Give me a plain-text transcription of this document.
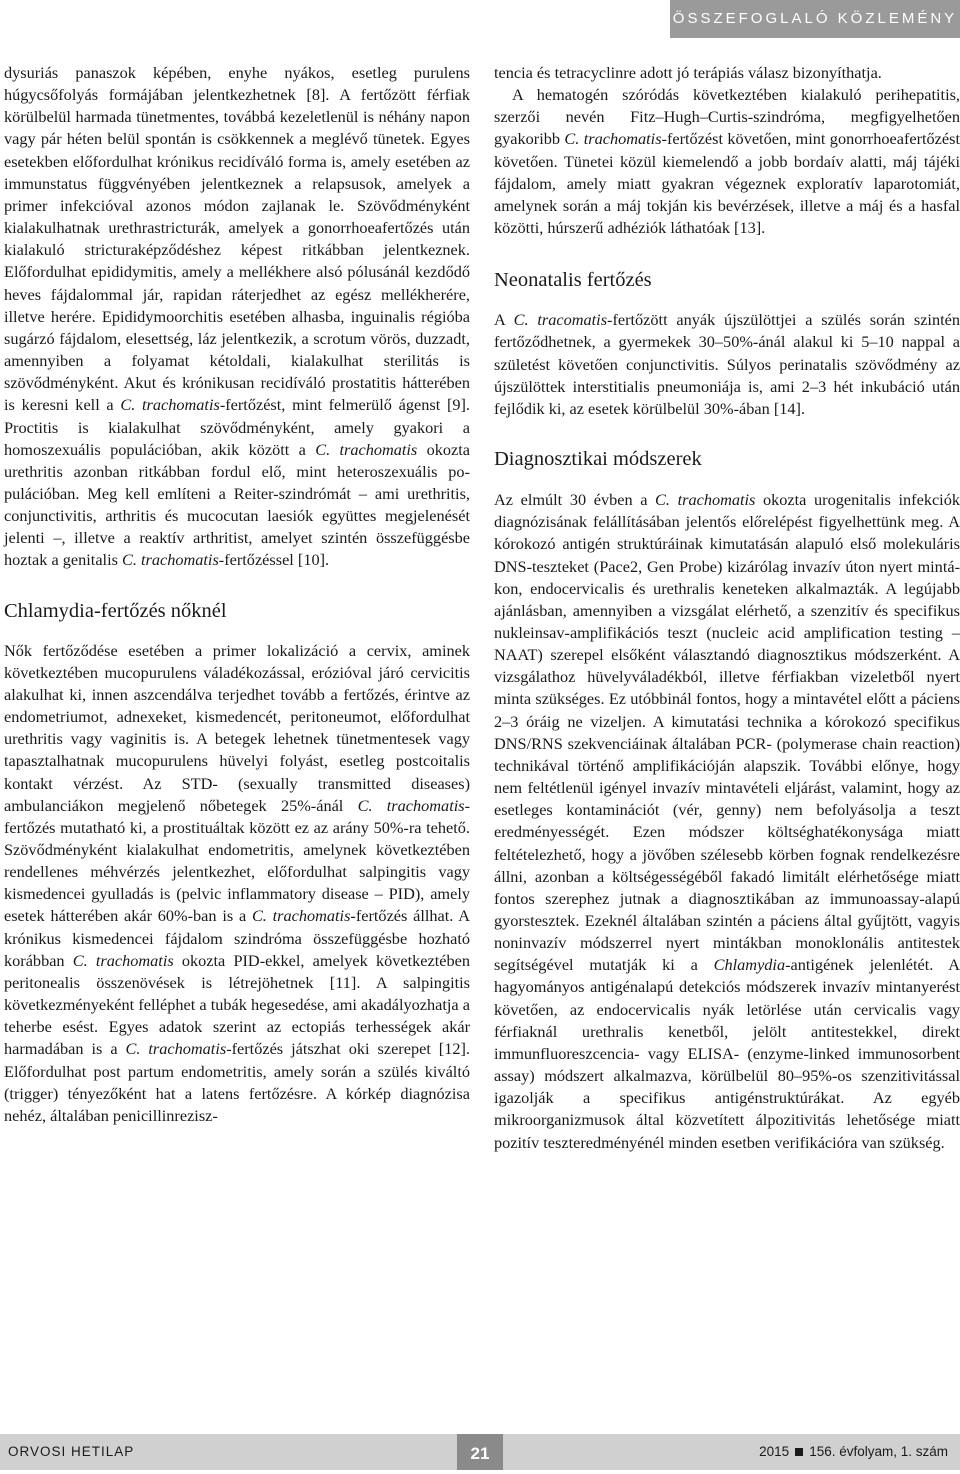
ÖSSZEFOGLALÓ KÖZLEMÉNY

dysuriás panaszok képében, enyhe nyákos, esetleg purulens húgycsőfolyás formájában jelentkezhetnek [8]. A fertőzött férfiak körülbelül harmada tünetmentes, továbbá kezeletlenül is néhány napon vagy pár héten belül spontán is csökkennek a meglévő tünetek. Egyes esetekben előfordulhat krónikus recidíváló forma is, amely esetében az immunstatus függvényében jelentkeznek a relapsusok, amelyek a primer infekcióval azonos módon zajlanak le. Szövődményként kialakulhatnak urethrastricturák, amelyek a gonorrhoeafertőzés után kialakuló stricturaképződéshez képest ritkábban jelentkeznek. Előfordulhat epididymitis, amely a mellékhere alsó pólusánál kezdődő heves fájdalommal jár, rapidan ráterjedhet az egész mellékherére, illetve herére. Epididymoorchitis esetében alhasba, inguinalis régióba sugárzó fájdalom, elesettség, láz jelentkezik, a scrotum vörös, duzzadt, amennyiben a folyamat kétoldali, kialakulhat sterilitás is szövődményként. Akut és krónikusan recidíváló prostatitis hátterében is keresni kell a C. trachomatis-fertőzést, mint felmerülő ágenst [9]. Proctitis is kialakulhat szövődményként, amely gyakori a homoszexuális populációban, akik között a C. trachomatis okozta urethritis azonban ritkábban fordul elő, mint heteroszexuális populációban. Meg kell említeni a Reiter-szindrómát – ami urethritis, conjunctivitis, arthritis és mucocutan laesiók együttes megjelenését jelenti –, illetve a reaktív arthritist, amelyet szintén összefüggésbe hoztak a genitalis C. trachomatis-fertőzéssel [10].

Chlamydia-fertőzés nőknél

Nők fertőződése esetében a primer lokalizáció a cervix, aminek következtében mucopurulens váladékozással, erózióval járó cervicitis alakulhat ki, innen aszcendálva terjedhet tovább a fertőzés, érintve az endometriumot, adnexeket, kismedencét, peritoneumot, előfordulhat urethritis vagy vaginitis is. A betegek lehetnek tünetmentesek vagy tapasztalhatnak mucopurulens hüvelyi folyást, esetleg postcoitalis kontakt vérzést. Az STD- (sexually transmitted diseases) ambulanciákon megjelenő nőbetegek 25%-ánál C. trachomatis-fertőzés mutatható ki, a prostituáltak között ez az arány 50%-ra tehető. Szövődményként kialakulhat endometritis, amelynek következtében rendellenes méhvérzés jelentkezhet, előfordulhat salpingitis vagy kismedencei gyulladás is (pelvic inflammatory disease – PID), amely esetek hátterében akár 60%-ban is a C. trachomatis-fertőzés állhat. A krónikus kismedencei fájdalom szindróma összefüggésbe hozható korábban C. trachomatis okozta PID-ekkel, amelyek következtében peritonealis összenövések is létrejöhetnek [11]. A salpingitis következményeként felléphet a tubák hegesedése, ami akadályozhatja a teherbe esést. Egyes adatok szerint az ectopiás terhességek akár harmadában is a C. trachomatis-fertőzés játszhat oki szerepet [12]. Előfordulhat post partum endometritis, amely során a szülés kiváltó (trigger) tényezőként hat a latens fertőzésre. A kórkép diagnózisa nehéz, általában penicillinrezisz-

tencia és tetracyclinre adott jó terápiás válasz bizonyíthatja.

A hematogén szóródás következtében kialakuló perihepatitis, szerzői nevén Fitz–Hugh–Curtis-szindróma, megfigyelhetően gyakoribb C. trachomatis-fertőzést követően, mint gonorrhoeafertőzést követően. Tünetei közül kiemelendő a jobb bordaív alatti, máj tájéki fájdalom, amely miatt gyakran végeznek exploratív laparotomiát, amelynek során a máj tokján kis bevérzések, illetve a máj és a hasfal közötti, húrszerű adhéziók láthatóak [13].

Neonatalis fertőzés

A C. tracomatis-fertőzött anyák újszülöttjei a szülés során szintén fertőződhetnek, a gyermekek 30–50%-ánál alakul ki 5–10 nappal a születést követően conjunctivitis. Súlyos perinatalis szövődmény az újszülöttek interstitialis pneumoniája is, ami 2–3 hét inkubáció után fejlődik ki, az esetek körülbelül 30%-ában [14].

Diagnosztikai módszerek

Az elmúlt 30 évben a C. trachomatis okozta urogenitalis infekciók diagnózisának felállításában jelentős előrelépést figyelhettünk meg. A kórokozó antigén struktúráinak kimutatásán alapuló első molekuláris DNS-teszteket (Pace2, Gen Probe) kizárólag invazív úton nyert mintákon, endocervicalis és urethralis keneteken alkalmazták. A legújabb ajánlásban, amennyiben a vizsgálat elérhető, a szenzitív és specifikus nukleinsav-amplifikációs teszt (nucleic acid amplification testing – NAAT) szerepel elsőként választandó diagnosztikus módszerként. A vizsgálathoz hüvelyváladékból, illetve férfiakban vizeletből nyert minta szükséges. Ez utóbbinál fontos, hogy a mintavétel előtt a páciens 2–3 óráig ne vizeljen. A kimutatási technika a kórokozó specifikus DNS/RNS szekvenciáinak általában PCR- (polymerase chain reaction) technikával történő amplifikációján alapszik. További előnye, hogy nem feltétlenül igényel invazív mintavételi eljárást, valamint, hogy az esetleges kontaminációt (vér, genny) nem befolyásolja a teszt eredményességét. Ezen módszer költséghatékonysága miatt feltételezhető, hogy a jövőben szélesebb körben fognak rendelkezésre állni, azonban a költségességéből fakadó limitált elérhetősége miatt fontos szerephez jutnak a diagnosztikában az immunoassay-alapú gyorstesztek. Ezeknél általában szintén a páciens által gyűjtött, vagyis noninvazív módszerrel nyert mintákban monoklonális antitestek segítségével mutatják ki a Chlamydia-antigének jelenlétét. A hagyományos antigénalapú detekciós módszerek invazív mintanyerést követően, az endocervicalis nyák letörlése után cervicalis vagy férfiaknál urethralis kenetből, jelölt antitestekkel, direkt immunfluoreszcencia- vagy ELISA- (enzyme-linked immunosorbent assay) módszert alkalmazva, körülbelül 80–95%-os szenzitivitással igazolják a specifikus antigénstruktúrákat. Az egyéb mikroorganizmusok által közvetített álpozitivitás lehetősége miatt pozitív teszteredményénél minden esetben verifikációra van szükség.

ORVOSI HETILAP	21	2015 156. évfolyam, 1. szám
